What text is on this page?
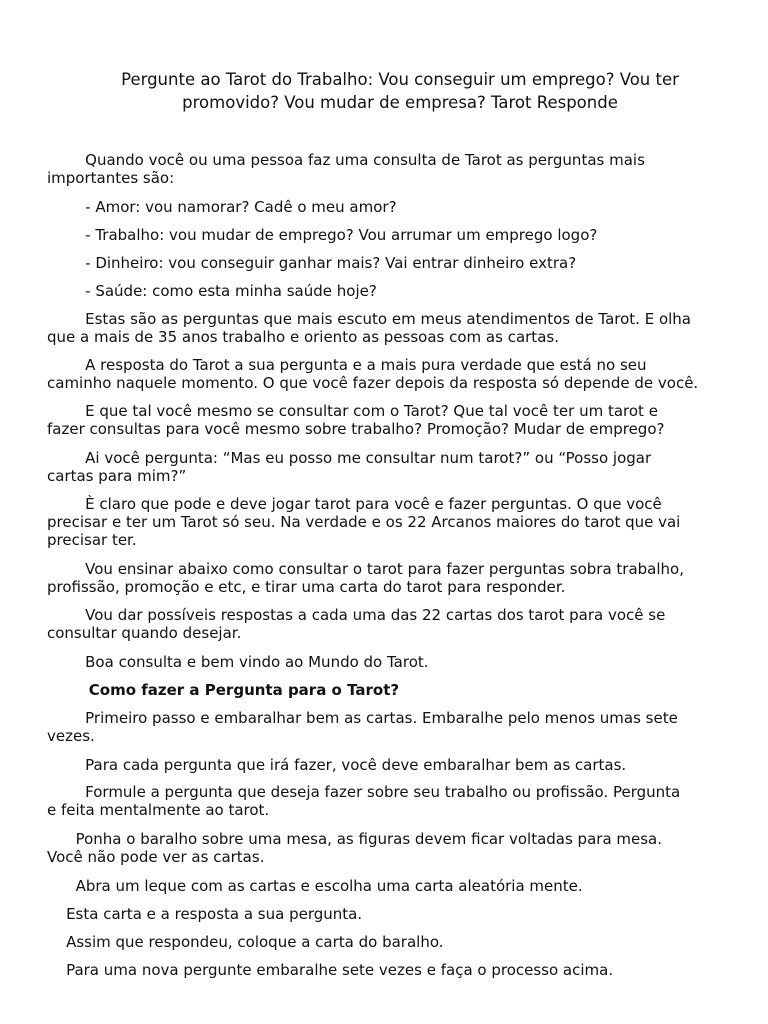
Pergunte ao Tarot do Trabalho: Vou conseguir um emprego? Vou ter
promovido? Vou mudar de empresa? Tarot Responde
Quando você ou uma pessoa faz uma consulta de Tarot as perguntas mais
importantes são:
- Amor: vou namorar? Cadê o meu amor?
- Trabalho: vou mudar de emprego? Vou arrumar um emprego logo?
- Dinheiro: vou conseguir ganhar mais? Vai entrar dinheiro extra?
- Saúde: como esta minha saúde hoje?
Estas são as perguntas que mais escuto em meus atendimentos de Tarot. E olha
que a mais de 35 anos trabalho e oriento as pessoas com as cartas.
A resposta do Tarot a sua pergunta e a mais pura verdade que está no seu
caminho naquele momento. O que você fazer depois da resposta só depende de você.
E que tal você mesmo se consultar com o Tarot? Que tal você ter um tarot e
fazer consultas para você mesmo sobre trabalho? Promoção? Mudar de emprego?
Ai você pergunta: “Mas eu posso me consultar num tarot?” ou “Posso jogar
cartas para mim?”
È claro que pode e deve jogar tarot para você e fazer perguntas. O que você
precisar e ter um Tarot só seu. Na verdade e os 22 Arcanos maiores do tarot que vai
precisar ter.
Vou ensinar abaixo como consultar o tarot para fazer perguntas sobra trabalho,
profissão, promoção e etc, e tirar uma carta do tarot para responder.
Vou dar possíveis respostas a cada uma das 22 cartas dos tarot para você se
consultar quando desejar.
Boa consulta e bem vindo ao Mundo do Tarot.
Como fazer a Pergunta para o Tarot?
Primeiro passo e embaralhar bem as cartas. Embaralhe pelo menos umas sete
vezes.
Para cada pergunta que irá fazer, você deve embaralhar bem as cartas.
Formule a pergunta que deseja fazer sobre seu trabalho ou profissão. Pergunta
e feita mentalmente ao tarot.
Ponha o baralho sobre uma mesa, as figuras devem ficar voltadas para mesa.
Você não pode ver as cartas.
Abra um leque com as cartas e escolha uma carta aleatória mente.
Esta carta e a resposta a sua pergunta.
Assim que respondeu, coloque a carta do baralho.
Para uma nova pergunte embaralhe sete vezes e faça o processo acima.
